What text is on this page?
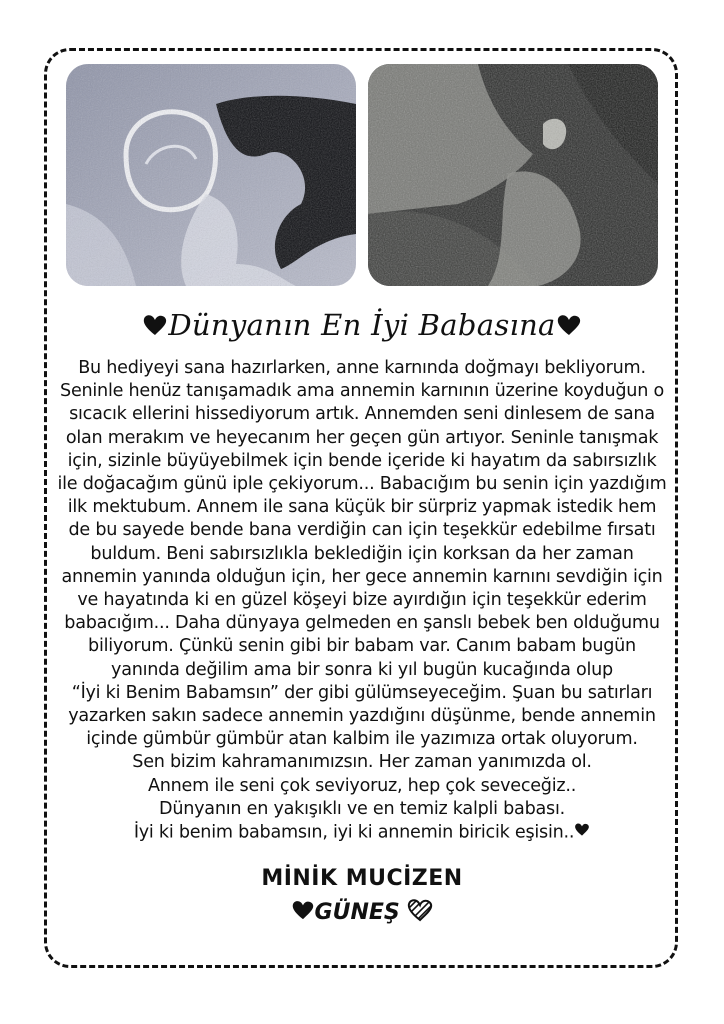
Dünyanın En İyi Babasına
Bu hediyeyi sana hazırlarken, anne karnında doğmayı bekliyorum.
Seninle henüz tanışamadık ama annemin karnının üzerine koyduğun o
sıcacık ellerini hissediyorum artık. Annemden seni dinlesem de sana
olan merakım ve heyecanım her geçen gün artıyor. Seninle tanışmak
için, sizinle büyüyebilmek için bende içeride ki hayatım da sabırsızlık
ile doğacağım günü iple çekiyorum... Babacığım bu senin için yazdığım
ilk mektubum. Annem ile sana küçük bir sürpriz yapmak istedik hem
de bu sayede bende bana verdiğin can için teşekkür edebilme fırsatı
buldum. Beni sabırsızlıkla beklediğin için korksan da her zaman
annemin yanında olduğun için, her gece annemin karnını sevdiğin için
ve hayatında ki en güzel köşeyi bize ayırdığın için teşekkür ederim
babacığım... Daha dünyaya gelmeden en şanslı bebek ben olduğumu
biliyorum. Çünkü senin gibi bir babam var. Canım babam bugün
yanında değilim ama bir sonra ki yıl bugün kucağında olup
“İyi ki Benim Babamsın” der gibi gülümseyeceğim. Şuan bu satırları
yazarken sakın sadece annemin yazdığını düşünme, bende annemin
içinde gümbür gümbür atan kalbim ile yazımıza ortak oluyorum.
Sen bizim kahramanımızsın. Her zaman yanımızda ol.
Annem ile seni çok seviyoruz, hep çok seveceğiz..
Dünyanın en yakışıklı ve en temiz kalpli babası.
İyi ki benim babamsın, iyi ki annemin biricik eşisin..
MİNİK MUCİZEN
GÜNEŞ
